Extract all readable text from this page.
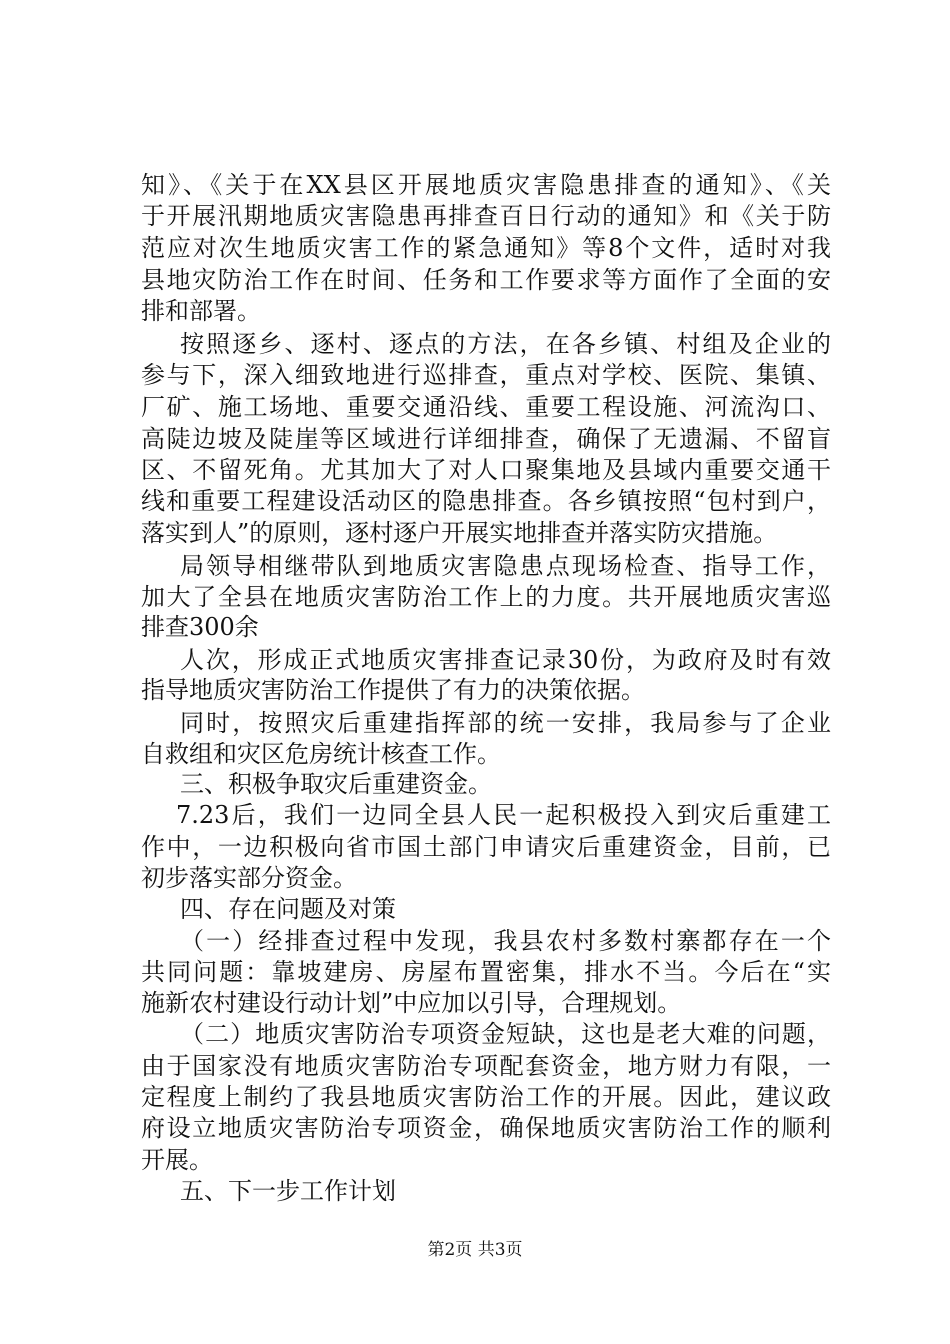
知》、《关于在XX县区开展地质灾害隐患排查的通知》、《关
于开展汛期地质灾害隐患再排查百日行动的通知》和《关于防
范应对次生地质灾害工作的紧急通知》等8个文件，适时对我
县地灾防治工作在时间、任务和工作要求等方面作了全面的安
排和部署。
按照逐乡、逐村、逐点的方法，在各乡镇、村组及企业的
参与下，深入细致地进行巡排查，重点对学校、医院、集镇、
厂矿、施工场地、重要交通沿线、重要工程设施、河流沟口、
高陡边坡及陡崖等区域进行详细排查，确保了无遗漏、不留盲
区、不留死角。尤其加大了对人口聚集地及县域内重要交通干
线和重要工程建设活动区的隐患排查。各乡镇按照“包村到户，
落实到人”的原则，逐村逐户开展实地排查并落实防灾措施。
局领导相继带队到地质灾害隐患点现场检查、指导工作，
加大了全县在地质灾害防治工作上的力度。共开展地质灾害巡
排查300余
人次，形成正式地质灾害排查记录30份，为政府及时有效
指导地质灾害防治工作提供了有力的决策依据。
同时，按照灾后重建指挥部的统一安排，我局参与了企业
自救组和灾区危房统计核查工作。
三、积极争取灾后重建资金。
7.23后，我们一边同全县人民一起积极投入到灾后重建工
作中，一边积极向省市国土部门申请灾后重建资金，目前，已
初步落实部分资金。
四、存在问题及对策
（一）经排查过程中发现，我县农村多数村寨都存在一个
共同问题：靠坡建房、房屋布置密集，排水不当。今后在“实
施新农村建设行动计划”中应加以引导，合理规划。
（二）地质灾害防治专项资金短缺，这也是老大难的问题，
由于国家没有地质灾害防治专项配套资金，地方财力有限，一
定程度上制约了我县地质灾害防治工作的开展。因此，建议政
府设立地质灾害防治专项资金，确保地质灾害防治工作的顺利
开展。
五、下一步工作计划
第2页 共3页
